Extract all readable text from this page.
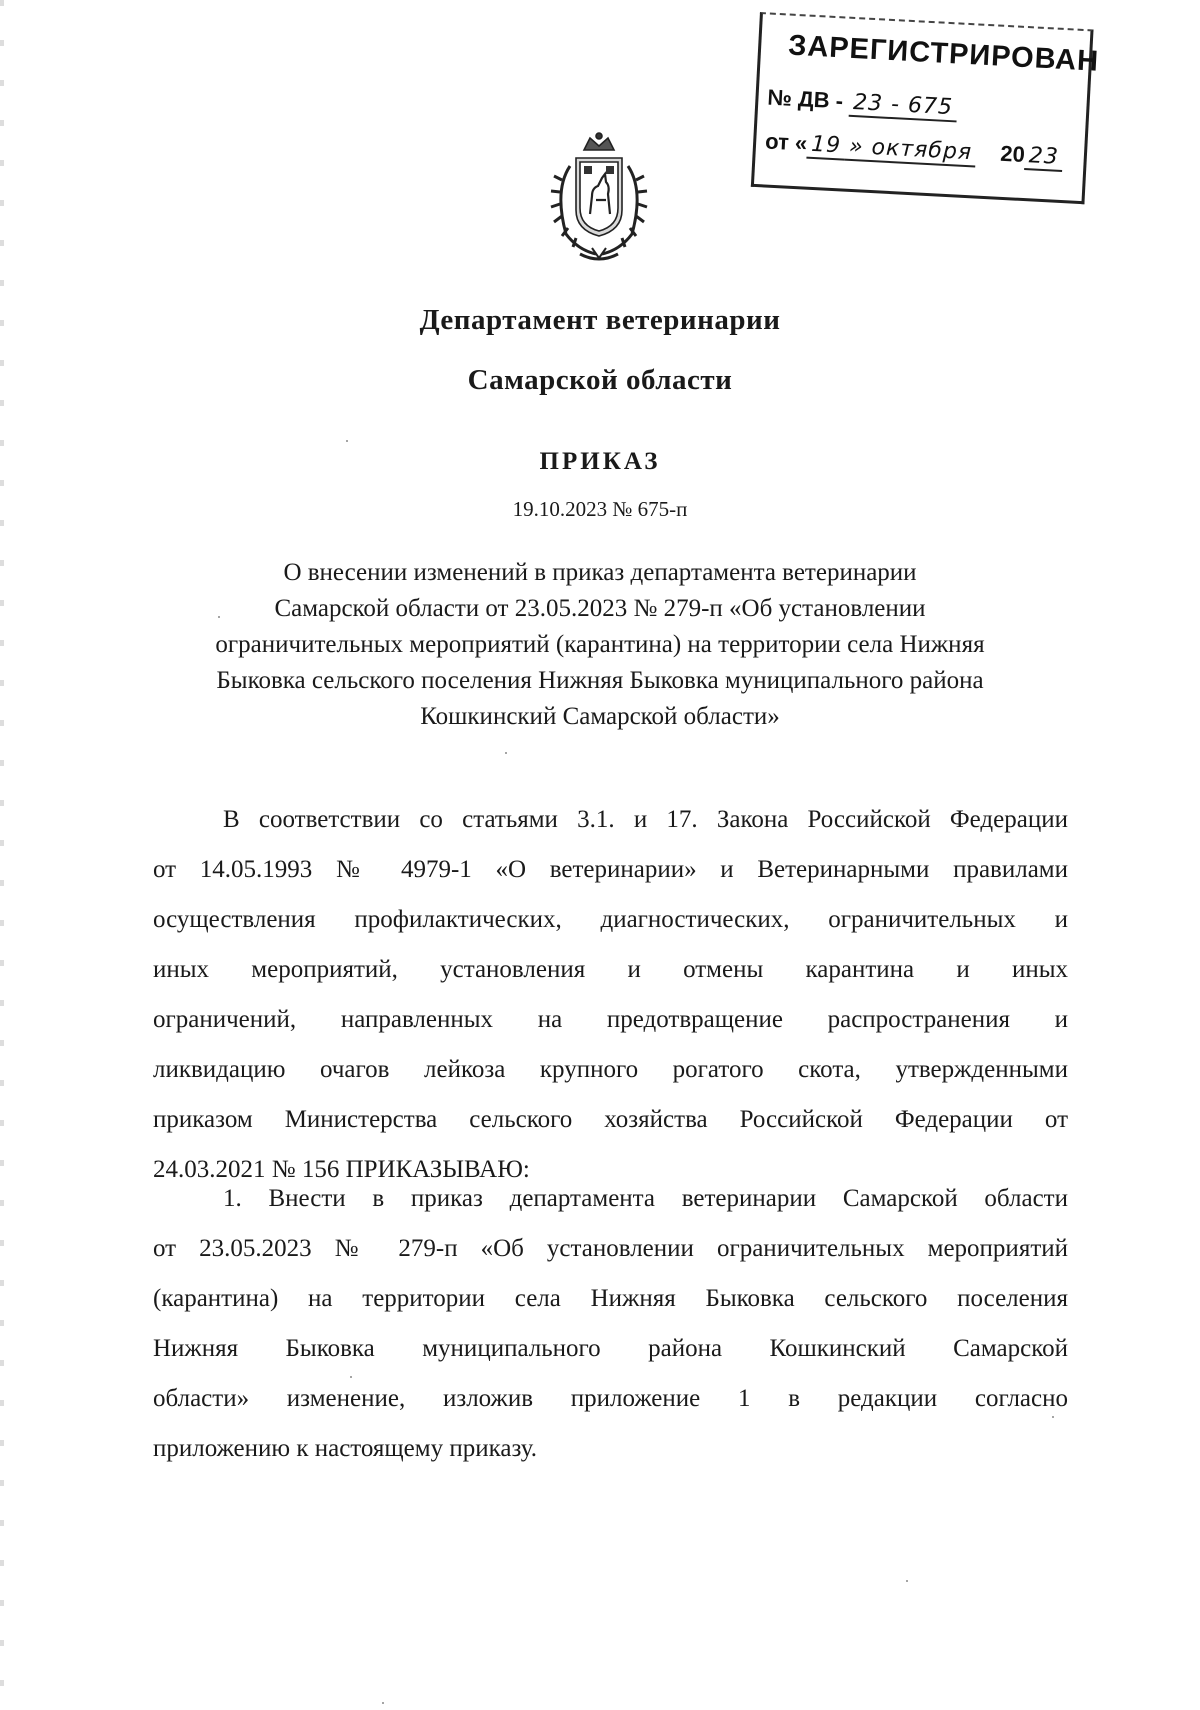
ЗАРЕГИСТРИРОВАН
№ ДВ - 23 - 675
от « 19 » октября 20 23
Департамент ветеринарии
Самарской области
ПРИКАЗ
19.10.2023 № 675-п
О внесении изменений в приказ департамента ветеринарии
Самарской области от 23.05.2023 № 279-п «Об установлении
ограничительных мероприятий (карантина) на территории села Нижняя
Быковка сельского поселения Нижняя Быковка муниципального района
Кошкинский Самарской области»
В соответствии со статьями 3.1. и 17. Закона Российской Федерации
от 14.05.1993 № 4979-1 «О ветеринарии» и Ветеринарными правилами
осуществления профилактических, диагностических, ограничительных и
иных мероприятий, установления и отмены карантина и иных
ограничений, направленных на предотвращение распространения и
ликвидацию очагов лейкоза крупного рогатого скота, утвержденными
приказом Министерства сельского хозяйства Российской Федерации от
24.03.2021 № 156 ПРИКАЗЫВАЮ:
1. Внести в приказ департамента ветеринарии Самарской области
от 23.05.2023 № 279-п «Об установлении ограничительных мероприятий
(карантина) на территории села Нижняя Быковка сельского поселения
Нижняя Быковка муниципального района Кошкинский Самарской
области» изменение, изложив приложение 1 в редакции согласно
приложению к настоящему приказу.
